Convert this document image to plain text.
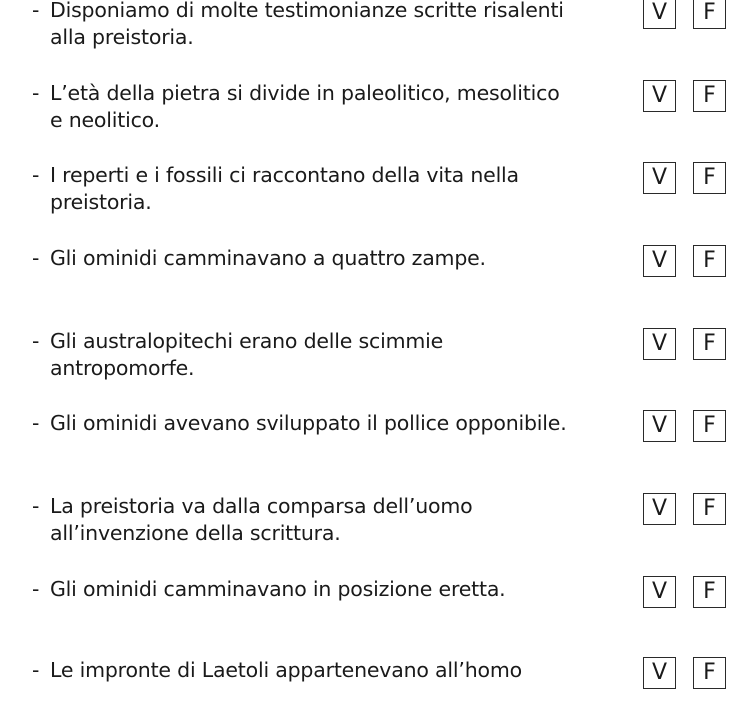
- Disponiamo di molte testimonianze scritte risalenti
alla preistoria.
V	F
- L’età della pietra si divide in paleolitico, mesolitico
e neolitico.
V	F
- I reperti e i fossili ci raccontano della vita nella
preistoria.
V	F
- Gli ominidi camminavano a quattro zampe.	V	F
- Gli australopitechi erano delle scimmie
antropomorfe.
V	F
- Gli ominidi avevano sviluppato il pollice opponibile.	V	F
- La preistoria va dalla comparsa dell’uomo
all’invenzione della scrittura.
V	F
- Gli ominidi camminavano in posizione eretta.	V	F
- Le impronte di Laetoli appartenevano all’homo	V	F
